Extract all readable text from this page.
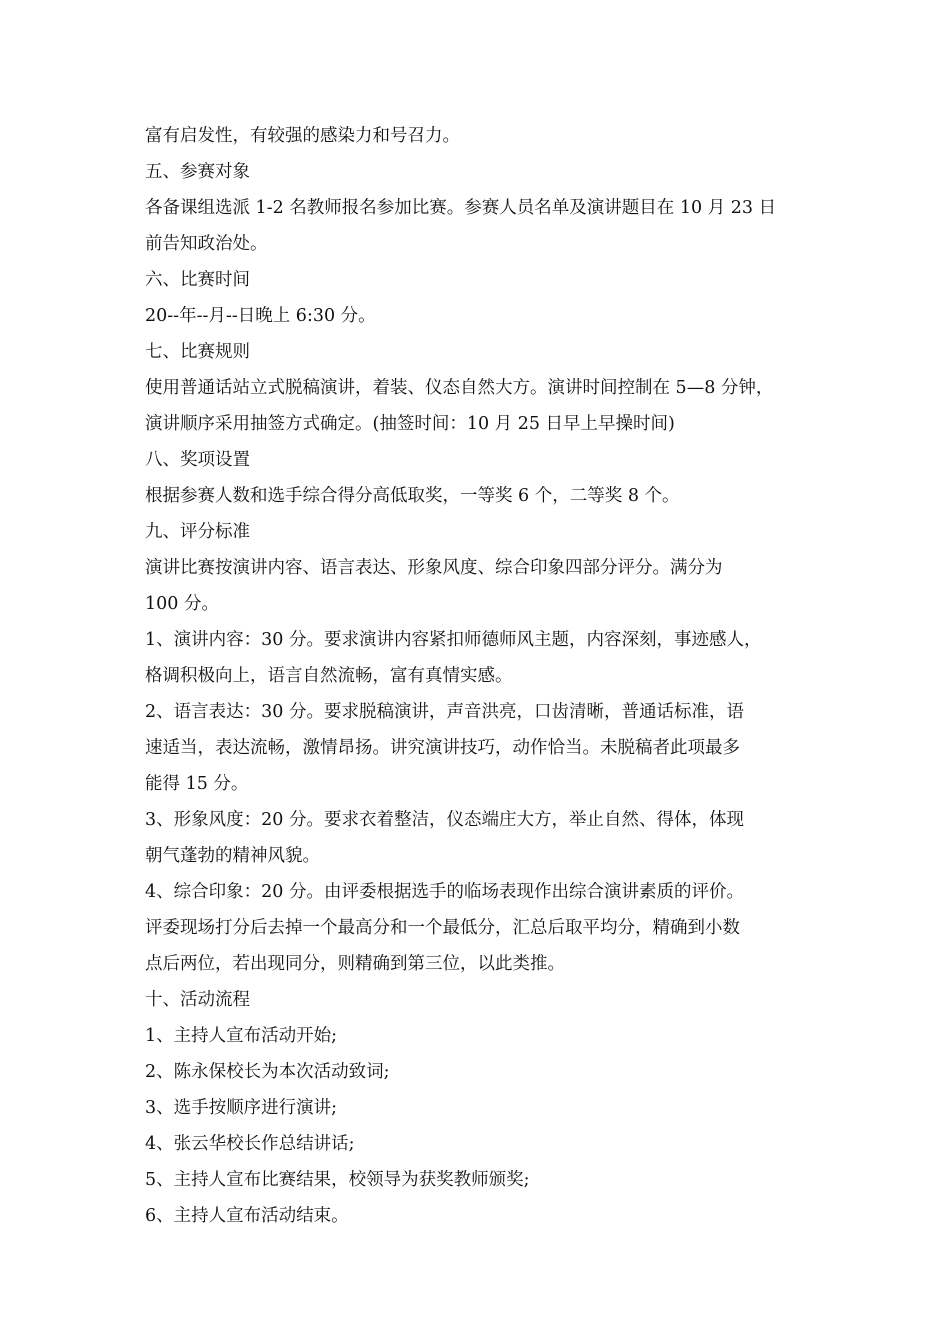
富有启发性，有较强的感染力和号召力。
五、参赛对象
各备课组选派 1-2 名教师报名参加比赛。参赛人员名单及演讲题目在 10 月 23 日
前告知政治处。
六、比赛时间
20--年--月--日晚上 6:30 分。
七、比赛规则
使用普通话站立式脱稿演讲，着装、仪态自然大方。演讲时间控制在 5—8 分钟，
演讲顺序采用抽签方式确定。(抽签时间：10 月 25 日早上早操时间)
八、奖项设置
根据参赛人数和选手综合得分高低取奖，一等奖 6 个，二等奖 8 个。
九、评分标准
演讲比赛按演讲内容、语言表达、形象风度、综合印象四部分评分。满分为
100 分。
1、演讲内容：30 分。要求演讲内容紧扣师德师风主题，内容深刻，事迹感人，
格调积极向上，语言自然流畅，富有真情实感。
2、语言表达：30 分。要求脱稿演讲，声音洪亮，口齿清晰，普通话标准，语
速适当，表达流畅，激情昂扬。讲究演讲技巧，动作恰当。未脱稿者此项最多
能得 15 分。
3、形象风度：20 分。要求衣着整洁，仪态端庄大方，举止自然、得体，体现
朝气蓬勃的精神风貌。
4、综合印象：20 分。由评委根据选手的临场表现作出综合演讲素质的评价。
评委现场打分后去掉一个最高分和一个最低分，汇总后取平均分，精确到小数
点后两位，若出现同分，则精确到第三位，以此类推。
十、活动流程
1、主持人宣布活动开始;
2、陈永保校长为本次活动致词;
3、选手按顺序进行演讲;
4、张云华校长作总结讲话;
5、主持人宣布比赛结果，校领导为获奖教师颁奖;
6、主持人宣布活动结束。
